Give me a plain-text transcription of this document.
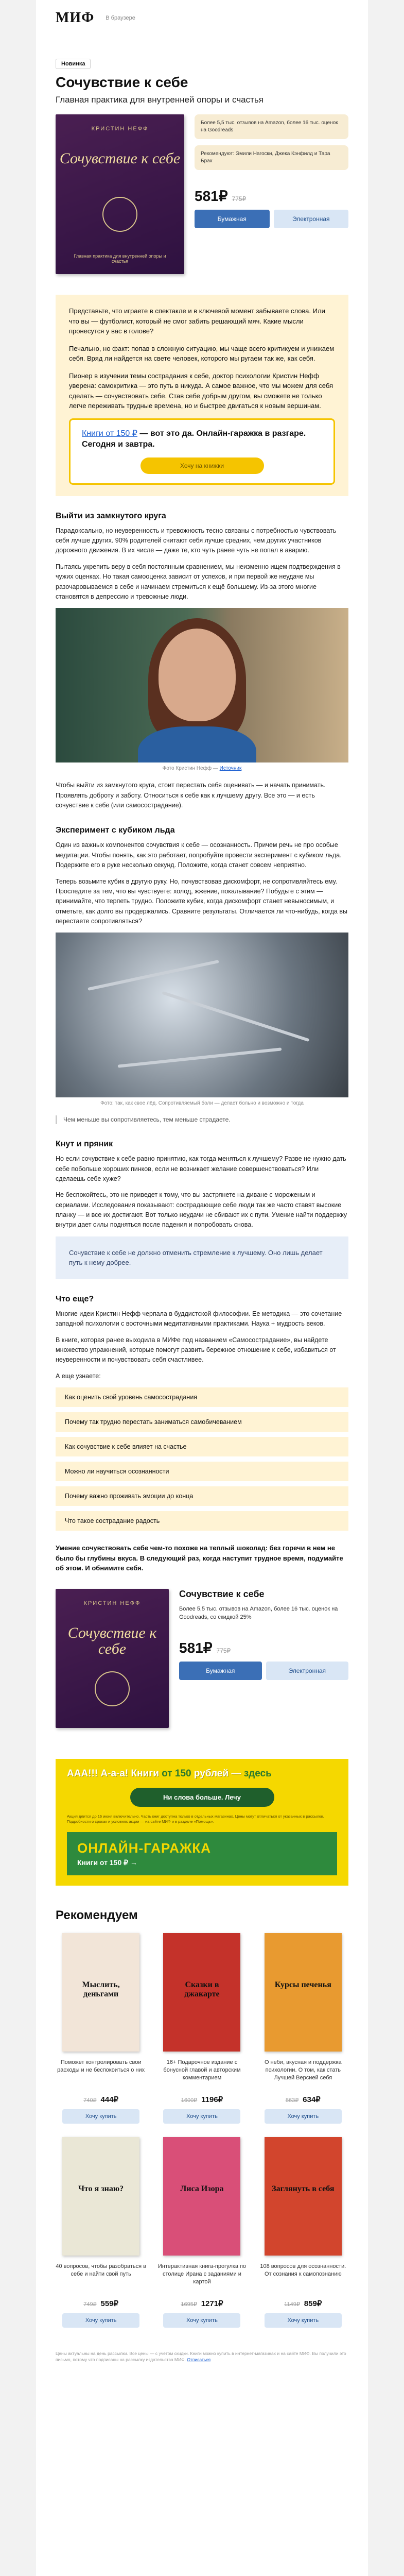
МИФ В браузере
Новинка
Сочувствие к себе
Главная практика для внутренней опоры и счастья
КРИСТИН НЕФФ
Сочувствие к себе
Главная практика для внутренней опоры и счастья
Более 5,5 тыс. отзывов на Amazon, более 16 тыс. оценок на Goodreads
Рекомендуют: Эмили Нагоски, Джека Кэнфилд и Тара Брах
581₽ 775₽
Бумажная	Электронная

Представьте, что играете в спектакле и в ключевой момент забываете слова. Или что вы — футболист, который не смог забить решающий мяч. Какие мысли пронесутся у вас в голове?

Печально, но факт: попав в сложную ситуацию, мы чаще всего критикуем и унижаем себя. Вряд ли найдется на свете человек, которого мы ругаем так же, как себя.

Пионер в изучении темы сострадания к себе, доктор психологии Кристин Нефф уверена: самокритика — это путь в никуда. А самое важное, что мы можем для себя сделать — сочувствовать себе. Став себе добрым другом, вы сможете не только легче переживать трудные времена, но и быстрее двигаться к новым вершинам.

Книги от 150 ₽ — вот это да. Онлайн-гаражка в разгаре. Сегодня и завтра.
Хочу на книжки
Выйти из замкнутого круга

Парадоксально, но неуверенность и тревожность тесно связаны с потребностью чувствовать себя лучше других. 90% родителей считают себя лучше средних, чем других участников дорожного движения. В их числе — даже те, кто чуть ранее чуть не попал в аварию.

Пытаясь укрепить веру в себя постоянным сравнением, мы неизменно ищем подтверждения в чужих оценках. Но такая самооценка зависит от успехов, и при первой же неудаче мы разочаровываемся в себе и начинаем стремиться к ещё большему. Из-за этого многие становятся в депрессию и тревожные люди.

Фото Кристин Нефф — Источник

Чтобы выйти из замкнутого круга, стоит перестать себя оценивать — и начать принимать. Проявлять доброту и заботу. Относиться к себе как к лучшему другу. Все это — и есть сочувствие к себе (или самосострадание).

Эксперимент с кубиком льда

Один из важных компонентов сочувствия к себе — осознанность. Причем речь не про особые медитации. Чтобы понять, как это работает, попробуйте провести эксперимент с кубиком льда. Подержите его в руке несколько секунд. Положите, когда станет совсем неприятно.

Теперь возьмите кубик в другую руку. Но, почувствовав дискомфорт, не сопротивляйтесь ему. Проследите за тем, что вы чувствуете: холод, жжение, покалывание? Побудьте с этим — принимайте, что терпеть трудно. Положите кубик, когда дискомфорт станет невыносимым, и отметьте, как долго вы продержались. Сравните результаты. Отличается ли что-нибудь, когда вы перестаете сопротивляться?

Фото: так, как свое лёд. Сопротивляемый боли — делает больно и возможно и тогда
Чем меньше вы сопротивляетесь, тем меньше страдаете.
Кнут и пряник

Но если сочувствие к себе равно принятию, как тогда меняться к лучшему? Разве не нужно дать себе побольше хороших пинков, если не возникает желание совершенствоваться? Или сделаешь себе хуже?

Не беспокойтесь, это не приведет к тому, что вы застрянете на диване с мороженым и сериалами. Исследования показывают: сострадающие себе люди так же часто ставят высокие планку — и все их достигают. Вот только неудачи не сбивают их с пути. Умение найти поддержку внутри дает силы подняться после падения и попробовать снова.

Сочувствие к себе не должно отменить стремление к лучшему. Оно лишь делает путь к нему добрее.
Что еще?

Многие идеи Кристин Нефф черпала в буддистской философии. Ее методика — это сочетание западной психологии с восточными медитативными практиками. Наука + мудрость веков.

В книге, которая ранее выходила в МИФе под названием «Самосострадание», вы найдете множество упражнений, которые помогут развить бережное отношение к себе, избавиться от неуверенности и почувствовать себя счастливее.

А еще узнаете:

Как оценить свой уровень самосострадания
Почему так трудно перестать заниматься самобичеванием
Как сочувствие к себе влияет на счастье
Можно ли научиться осознанности
Почему важно проживать эмоции до конца
Что такое сострадание радость
Умение сочувствовать себе чем-то похоже на теплый шоколад: без горечи в нем не было бы глубины вкуса. В следующий раз, когда наступит трудное время, подумайте об этом. И обнимите себя.
КРИСТИН НЕФФ
Сочувствие к себе
Сочувствие к себе

Более 5,5 тыс. отзывов на Amazon, более 16 тыс. оценок на Goodreads, со скидкой 25%

581₽ 775₽
Бумажная	Электронная
ААА!!! А-а-а! Книги от 150 рублей — здесь
Ни слова больше. Лечу
Акция длится до 16 июня включительно. Часть книг доступна только в отдельных магазинах. Цены могут отличаться от указанных в рассылке. Подробности о сроках и условиях акции — на сайте МИФ и в разделе «Помощь».
ОНЛАЙН-ГАРАЖКА
Книги от 150 ₽ →
Рекомендуем
Мыслить, деньгами
Поможет контролировать свои расходы и не беспокоиться о них
740₽ 444₽
Хочу купить
Сказки в джакарте
16+ Подарочное издание с бонусной главой и авторским комментарием
1600₽ 1196₽
Хочу купить
Курсы печенья
О неби, вкусная и поддержка психологии. О том, как стать Лучшей Версией себя
863₽ 634₽
Хочу купить
Что я знаю?
40 вопросов, чтобы разобраться в себе и найти свой путь
749₽ 559₽
Хочу купить
Лиса Изора
Интерактивная книга-прогулка по столице Ирана с заданиями и картой
1695₽ 1271₽
Хочу купить
Заглянуть в себя
108 вопросов для осознанности. От сознания к самопознанию
1149₽ 859₽
Хочу купить
Цены актуальны на день рассылки. Все цены — с учётом скидки. Книги можно купить в интернет-магазинах и на сайте МИФ. Вы получили это письмо, потому что подписаны на рассылку издательства МИФ. Отписаться
